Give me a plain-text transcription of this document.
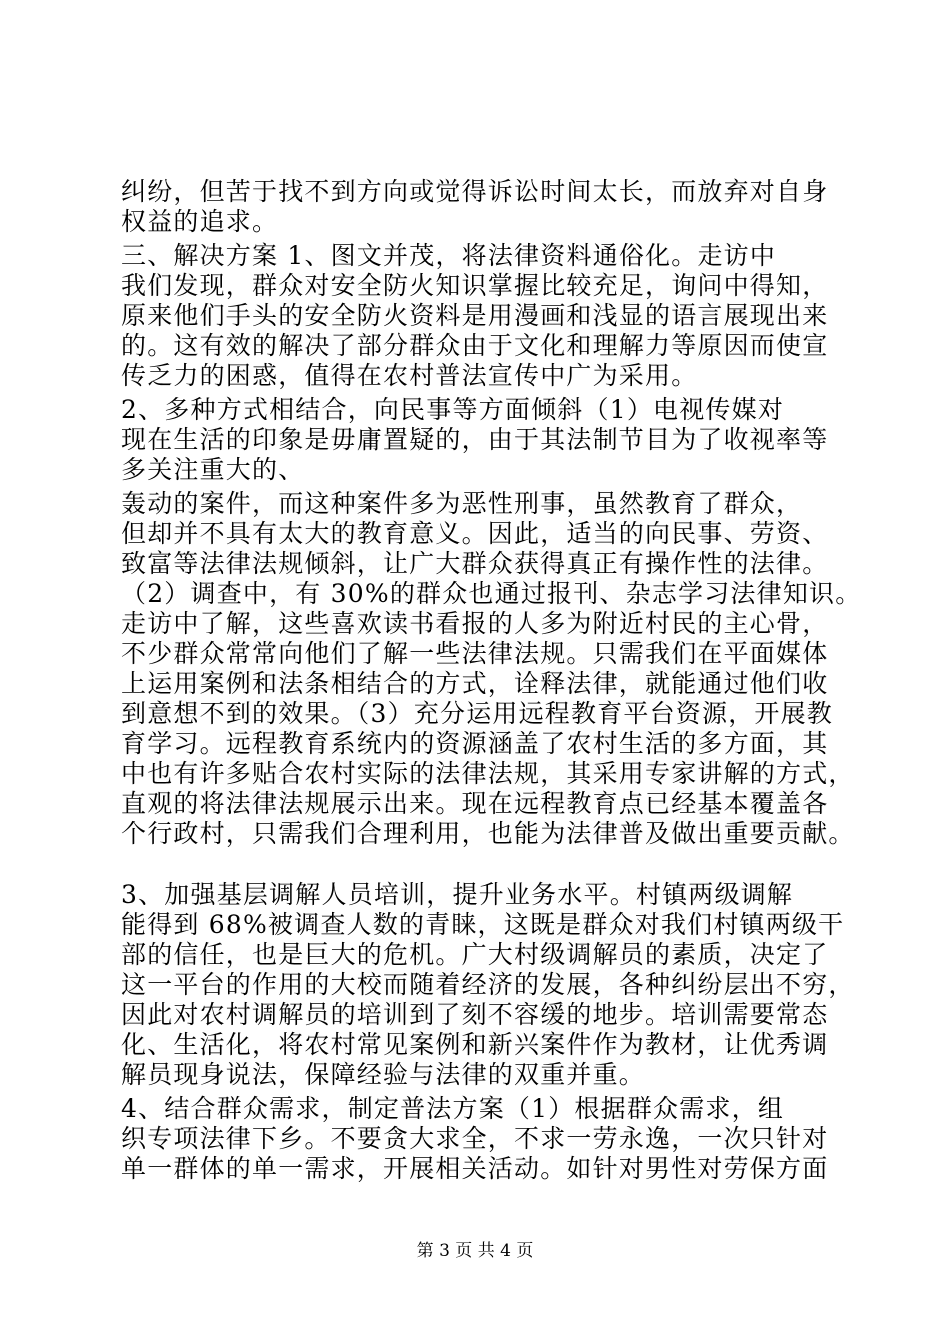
纠纷，但苦于找不到方向或觉得诉讼时间太长，而放弃对自身
权益的追求。
三、解决方案 1、图文并茂，将法律资料通俗化。走访中
我们发现，群众对安全防火知识掌握比较充足，询问中得知，
原来他们手头的安全防火资料是用漫画和浅显的语言展现出来
的。这有效的解决了部分群众由于文化和理解力等原因而使宣
传乏力的困惑，值得在农村普法宣传中广为采用。
2、多种方式相结合，向民事等方面倾斜（1）电视传媒对
现在生活的印象是毋庸置疑的，由于其法制节目为了收视率等
多关注重大的、
轰动的案件，而这种案件多为恶性刑事，虽然教育了群众，
但却并不具有太大的教育意义。因此，适当的向民事、劳资、
致富等法律法规倾斜，让广大群众获得真正有操作性的法律。
（2）调查中，有 30%的群众也通过报刊、杂志学习法律知识。
走访中了解，这些喜欢读书看报的人多为附近村民的主心骨，
不少群众常常向他们了解一些法律法规。只需我们在平面媒体
上运用案例和法条相结合的方式，诠释法律，就能通过他们收
到意想不到的效果。（3）充分运用远程教育平台资源，开展教
育学习。远程教育系统内的资源涵盖了农村生活的多方面，其
中也有许多贴合农村实际的法律法规，其采用专家讲解的方式，
直观的将法律法规展示出来。现在远程教育点已经基本覆盖各
个行政村，只需我们合理利用，也能为法律普及做出重要贡献。
3、加强基层调解人员培训，提升业务水平。村镇两级调解
能得到 68%被调查人数的青睐，这既是群众对我们村镇两级干
部的信任，也是巨大的危机。广大村级调解员的素质，决定了
这一平台的作用的大校而随着经济的发展，各种纠纷层出不穷，
因此对农村调解员的培训到了刻不容缓的地步。培训需要常态
化、生活化，将农村常见案例和新兴案件作为教材，让优秀调
解员现身说法，保障经验与法律的双重并重。
4、结合群众需求，制定普法方案（1）根据群众需求，组
织专项法律下乡。不要贪大求全，不求一劳永逸，一次只针对
单一群体的单一需求，开展相关活动。如针对男性对劳保方面
第 3 页 共 4 页
